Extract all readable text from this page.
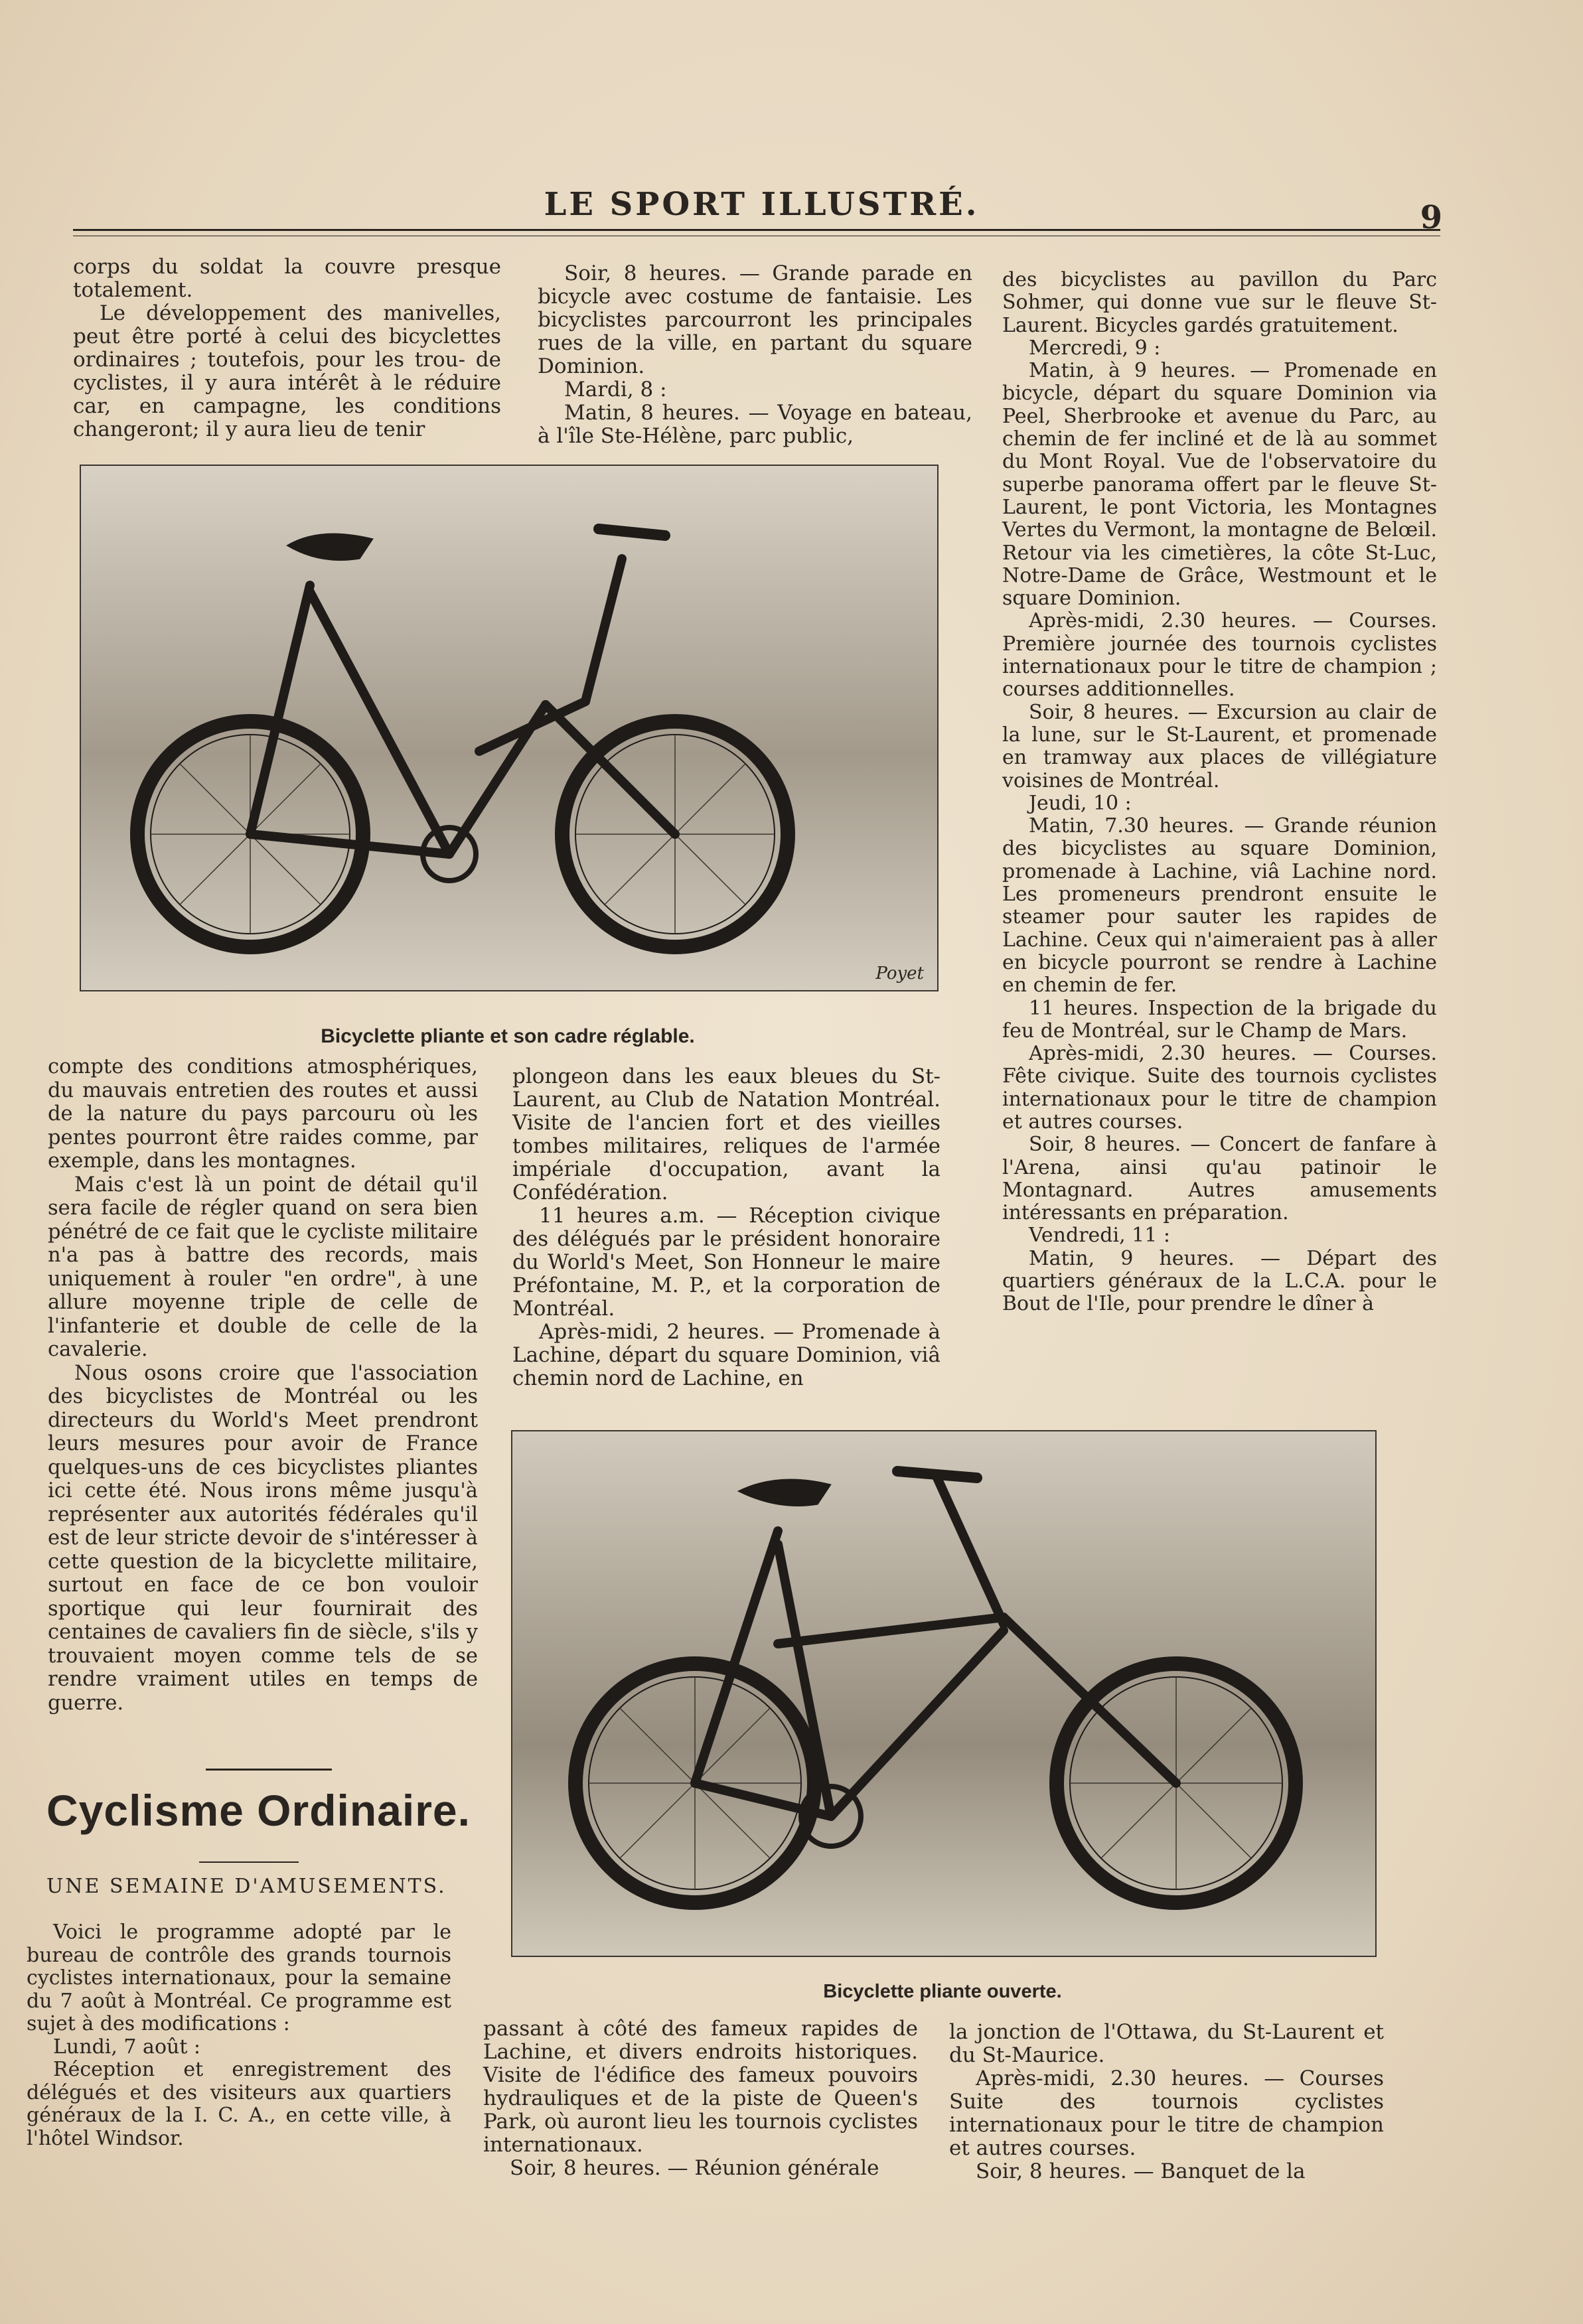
LE SPORT ILLUSTRÉ.	9

corps du soldat la couvre presque totalement.

Le développement des manivelles, peut être porté à celui des bicyclettes ordinaires ; toutefois, pour les trou- de cyclistes, il y aura intérêt à le réduire car, en campagne, les conditions changeront; il y aura lieu de tenir

Soir, 8 heures. — Grande parade en bicycle avec costume de fantaisie. Les bicyclistes parcourront les principales rues de la ville, en partant du square Dominion.

Mardi, 8 :

Matin, 8 heures. — Voyage en bateau, à l'île Ste-Hélène, parc public,

des bicyclistes au pavillon du Parc Sohmer, qui donne vue sur le fleuve St-Laurent. Bicycles gardés gratuitement.

Mercredi, 9 :

Matin, à 9 heures. — Promenade en bicycle, départ du square Dominion via Peel, Sherbrooke et avenue du Parc, au chemin de fer incliné et de là au sommet du Mont Royal. Vue de l'observatoire du superbe panorama offert par le fleuve St-Laurent, le pont Victoria, les Montagnes Vertes du Vermont, la montagne de Belœil. Retour via les cimetières, la côte St-Luc, Notre-Dame de Grâce, Westmount et le square Dominion.

Après-midi, 2.30 heures. — Courses. Première journée des tournois cyclistes internationaux pour le titre de champion ; courses additionnelles.

Soir, 8 heures. — Excursion au clair de la lune, sur le St-Laurent, et promenade en tramway aux places de villégiature voisines de Montréal.

Jeudi, 10 :

Matin, 7.30 heures. — Grande réunion des bicyclistes au square Dominion, promenade à Lachine, viâ Lachine nord. Les promeneurs prendront ensuite le steamer pour sauter les rapides de Lachine. Ceux qui n'aimeraient pas à aller en bicycle pourront se rendre à Lachine en chemin de fer.

11 heures. Inspection de la brigade du feu de Montréal, sur le Champ de Mars.

Après-midi, 2.30 heures. — Courses. Fête civique. Suite des tournois cyclistes internationaux pour le titre de champion et autres courses.

Soir, 8 heures. — Concert de fanfare à l'Arena, ainsi qu'au patinoir le Montagnard. Autres amusements intéressants en préparation.

Vendredi, 11 :

Matin, 9 heures. — Départ des quartiers généraux de la L.C.A. pour le Bout de l'Ile, pour prendre le dîner à

Poyet
Bicyclette pliante et son cadre réglable.

compte des conditions atmosphériques, du mauvais entretien des routes et aussi de la nature du pays parcouru où les pentes pourront être raides comme, par exemple, dans les montagnes.

Mais c'est là un point de détail qu'il sera facile de régler quand on sera bien pénétré de ce fait que le cycliste militaire n'a pas à battre des records, mais uniquement à rouler "en ordre", à une allure moyenne triple de celle de l'infanterie et double de celle de la cavalerie.

Nous osons croire que l'association des bicyclistes de Montréal ou les directeurs du World's Meet prendront leurs mesures pour avoir de France quelques-uns de ces bicyclistes pliantes ici cette été. Nous irons même jusqu'à représenter aux autorités fédérales qu'il est de leur stricte devoir de s'intéresser à cette question de la bicyclette militaire, surtout en face de ce bon vouloir sportique qui leur fournirait des centaines de cavaliers fin de siècle, s'ils y trouvaient moyen comme tels de se rendre vraiment utiles en temps de guerre.

plongeon dans les eaux bleues du St-Laurent, au Club de Natation Montréal. Visite de l'ancien fort et des vieilles tombes militaires, reliques de l'armée impériale d'occupation, avant la Confédération.

11 heures a.m. — Réception civique des délégués par le président honoraire du World's Meet, Son Honneur le maire Préfontaine, M. P., et la corporation de Montréal.

Après-midi, 2 heures. — Promenade à Lachine, départ du square Dominion, viâ chemin nord de Lachine, en

Bicyclette pliante ouverte.
Cyclisme Ordinaire.
UNE SEMAINE D'AMUSEMENTS.

Voici le programme adopté par le bureau de contrôle des grands tournois cyclistes internationaux, pour la semaine du 7 août à Montréal. Ce programme est sujet à des modifications :

Lundi, 7 août :

Réception et enregistrement des délégués et des visiteurs aux quartiers généraux de la I. C. A., en cette ville, à l'hôtel Windsor.

passant à côté des fameux rapides de Lachine, et divers endroits historiques. Visite de l'édifice des fameux pouvoirs hydrauliques et de la piste de Queen's Park, où auront lieu les tournois cyclistes internationaux.

Soir, 8 heures. — Réunion générale

la jonction de l'Ottawa, du St-Laurent et du St-Maurice.

Après-midi, 2.30 heures. — Courses Suite des tournois cyclistes internationaux pour le titre de champion et autres courses.

Soir, 8 heures. — Banquet de la
